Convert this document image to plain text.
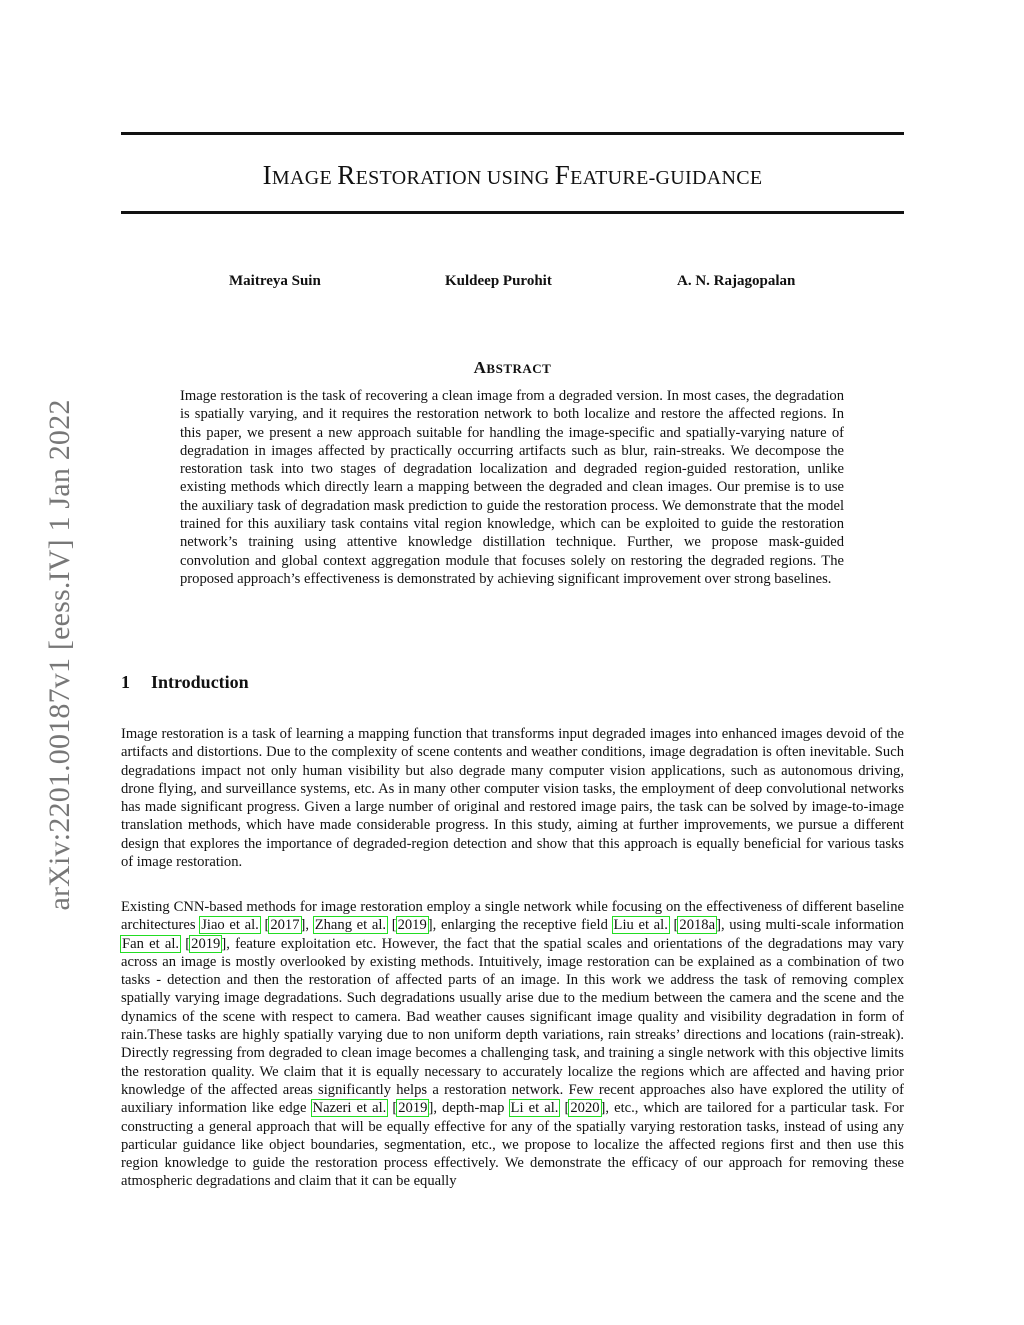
arXiv:2201.00187v1 [eess.IV] 1 Jan 2022
IMAGE RESTORATION USING FEATURE-GUIDANCE
Maitreya Suin	Kuldeep Purohit	A. N. Rajagopalan
ABSTRACT

Image restoration is the task of recovering a clean image from a degraded version. In most cases, the degradation is spatially varying, and it requires the restoration network to both localize and restore the affected regions. In this paper, we present a new approach suitable for handling the image-specific and spatially-varying nature of degradation in images affected by practically occurring artifacts such as blur, rain-streaks. We decompose the restoration task into two stages of degradation localization and degraded region-guided restoration, unlike existing methods which directly learn a mapping between the degraded and clean images. Our premise is to use the auxiliary task of degradation mask prediction to guide the restoration process. We demonstrate that the model trained for this auxiliary task contains vital region knowledge, which can be exploited to guide the restoration network’s training using attentive knowledge distillation technique. Further, we propose mask-guided convolution and global context aggregation module that focuses solely on restoring the degraded regions. The proposed approach’s effectiveness is demonstrated by achieving significant improvement over strong baselines.

1 Introduction

Image restoration is a task of learning a mapping function that transforms input degraded images into enhanced images devoid of the artifacts and distortions. Due to the complexity of scene contents and weather conditions, image degradation is often inevitable. Such degradations impact not only human visibility but also degrade many computer vision applications, such as autonomous driving, drone flying, and surveillance systems, etc. As in many other computer vision tasks, the employment of deep convolutional networks has made significant progress. Given a large number of original and restored image pairs, the task can be solved by image-to-image translation methods, which have made considerable progress. In this study, aiming at further improvements, we pursue a different design that explores the importance of degraded-region detection and show that this approach is equally beneficial for various tasks of image restoration.

Existing CNN-based methods for image restoration employ a single network while focusing on the effectiveness of different baseline architectures Jiao et al. [2017], Zhang et al. [2019], enlarging the receptive field Liu et al. [2018a], using multi-scale information Fan et al. [2019], feature exploitation etc. However, the fact that the spatial scales and orientations of the degradations may vary across an image is mostly overlooked by existing methods. Intuitively, image restoration can be explained as a combination of two tasks - detection and then the restoration of affected parts of an image. In this work we address the task of removing complex spatially varying image degradations. Such degradations usually arise due to the medium between the camera and the scene and the dynamics of the scene with respect to camera. Bad weather causes significant image quality and visibility degradation in form of rain.These tasks are highly spatially varying due to non uniform depth variations, rain streaks’ directions and locations (rain-streak). Directly regressing from degraded to clean image becomes a challenging task, and training a single network with this objective limits the restoration quality. We claim that it is equally necessary to accurately localize the regions which are affected and having prior knowledge of the affected areas significantly helps a restoration network. Few recent approaches also have explored the utility of auxiliary information like edge Nazeri et al. [2019], depth-map Li et al. [2020], etc., which are tailored for a particular task. For constructing a general approach that will be equally effective for any of the spatially varying restoration tasks, instead of using any particular guidance like object boundaries, segmentation, etc., we propose to localize the affected regions first and then use this region knowledge to guide the restoration process effectively. We demonstrate the efficacy of our approach for removing these atmospheric degradations and claim that it can be equally
